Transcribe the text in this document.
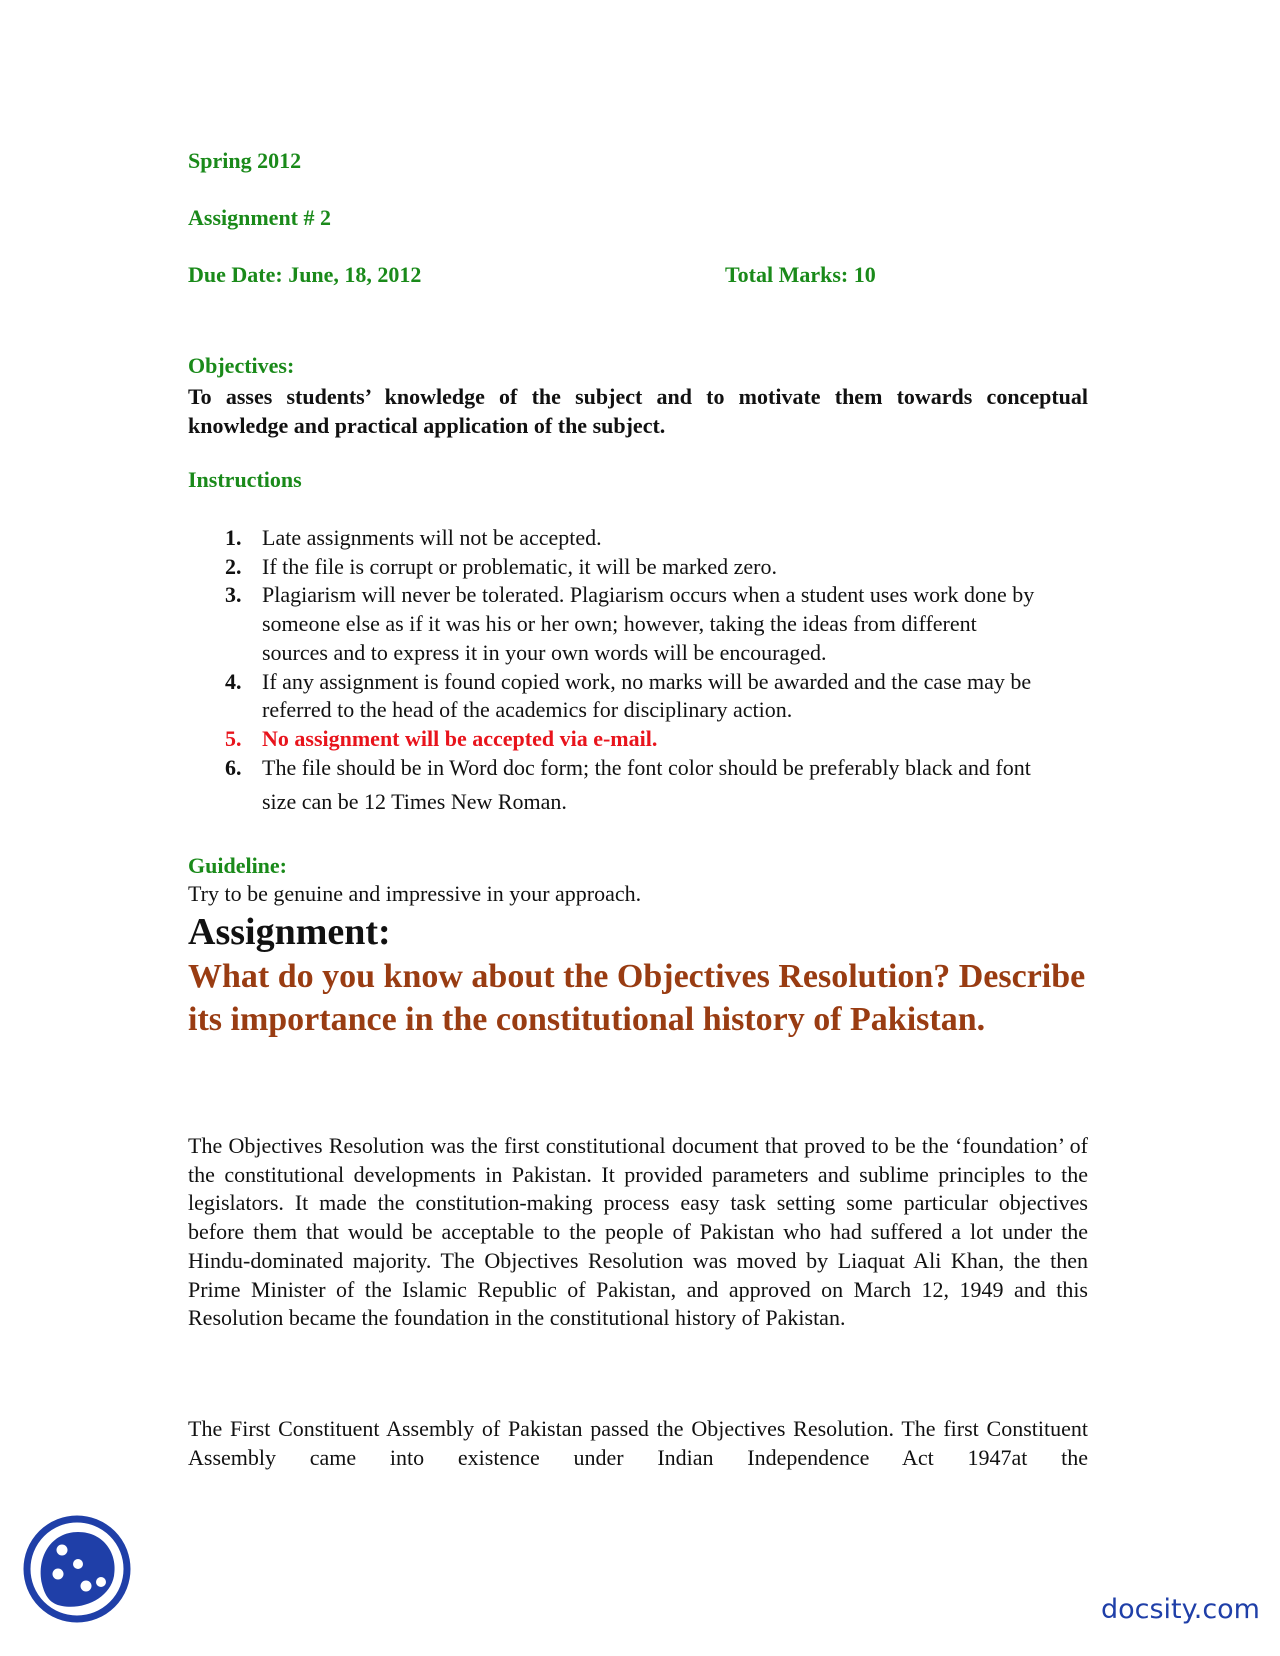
Spring 2012
Assignment # 2
Due Date: June, 18, 2012	Total Marks: 10
Objectives:
To asses students’ knowledge of the subject and to motivate them towards conceptual knowledge and practical application of the subject.
Instructions
1. Late assignments will not be accepted.
2. If the file is corrupt or problematic, it will be marked zero.
3. Plagiarism will never be tolerated. Plagiarism occurs when a student uses work done by someone else as if it was his or her own; however, taking the ideas from different sources and to express it in your own words will be encouraged.
4. If any assignment is found copied work, no marks will be awarded and the case may be referred to the head of the academics for disciplinary action.
5. No assignment will be accepted via e-mail.
6. The file should be in Word doc form; the font color should be preferably black and font size can be 12 Times New Roman.
Guideline:
Try to be genuine and impressive in your approach.
Assignment:
What do you know about the Objectives Resolution? Describe its importance in the constitutional history of Pakistan.
The Objectives Resolution was the first constitutional document that proved to be the ‘foundation’ of the constitutional developments in Pakistan. It provided parameters and sublime principles to the legislators. It made the constitution-making process easy task setting some particular objectives before them that would be acceptable to the people of Pakistan who had suffered a lot under the Hindu-dominated majority. The Objectives Resolution was moved by Liaquat Ali Khan, the then Prime Minister of the Islamic Republic of Pakistan, and approved on March 12, 1949 and this Resolution became the foundation in the constitutional history of Pakistan.
The First Constituent Assembly of Pakistan passed the Objectives Resolution. The first Constituent Assembly came into existence under Indian Independence Act 1947at the
docsity.com
